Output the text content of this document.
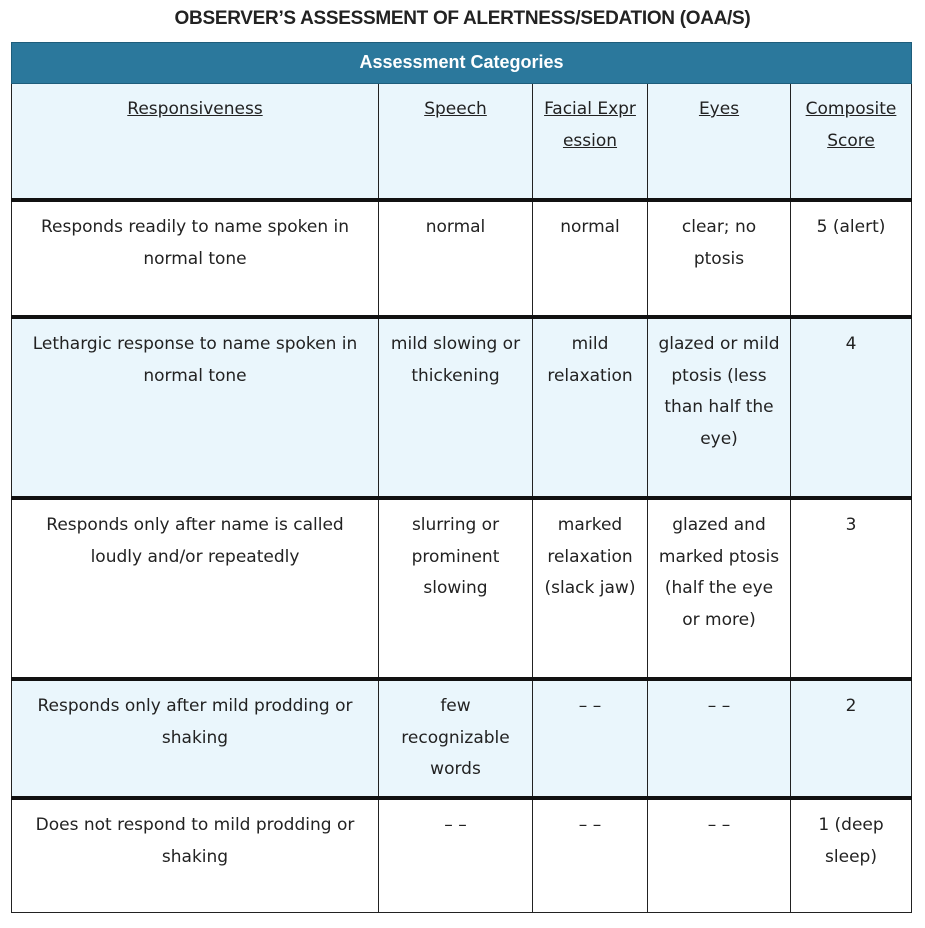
OBSERVER’S ASSESSMENT OF ALERTNESS/SEDATION (OAA/S)
Assessment Categories				
Responsiveness	Speech	Facial Expression	Eyes	Composite Score
Responds readily to name spoken in normal tone	normal	normal	clear; no ptosis	5 (alert)
Lethargic response to name spoken in normal tone	mild slowing or thickening	mild relaxation	glazed or mild ptosis (less than half the eye)	4
Responds only after name is called loudly and/or repeatedly	slurring or prominent slowing	marked relaxation (slack jaw)	glazed and marked ptosis (half the eye or more)	3
Responds only after mild prodding or shaking	few recognizable words	– –	– –	2
Does not respond to mild prodding or shaking	– –	– –	– –	1 (deep sleep)
